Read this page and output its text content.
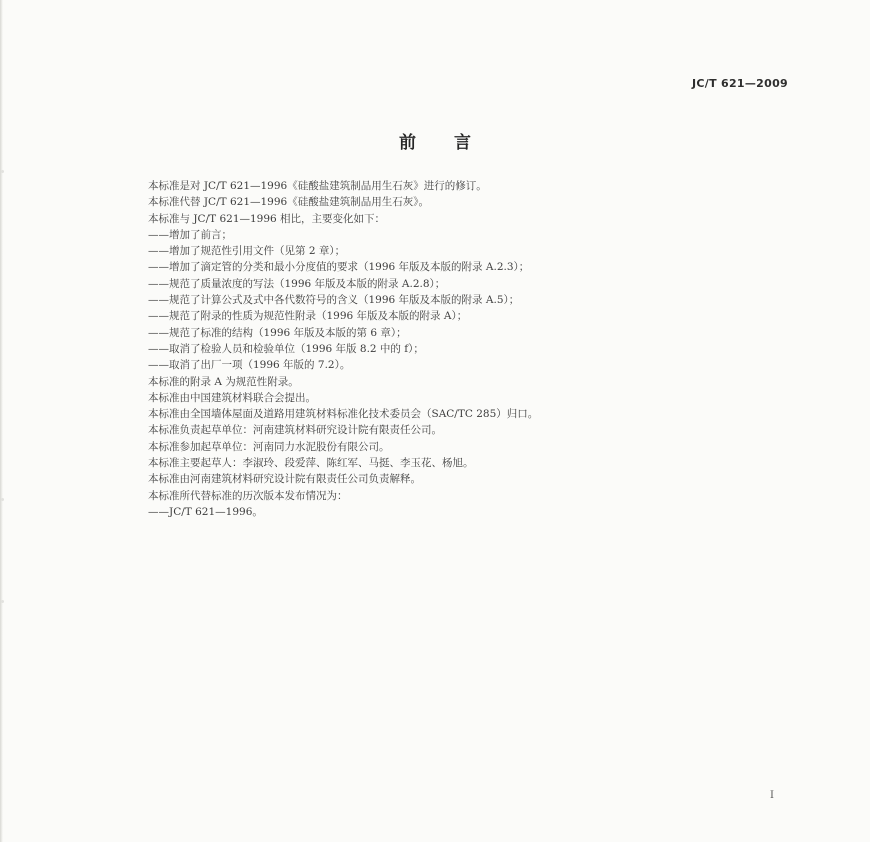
JC/T 621—2009
前言
本标准是对 JC/T 621—1996《硅酸盐建筑制品用生石灰》进行的修订。
本标准代替 JC/T 621—1996《硅酸盐建筑制品用生石灰》。
本标准与 JC/T 621—1996 相比，主要变化如下：
——增加了前言；
——增加了规范性引用文件（见第 2 章）；
——增加了滴定管的分类和最小分度值的要求（1996 年版及本版的附录 A.2.3）；
——规范了质量浓度的写法（1996 年版及本版的附录 A.2.8）；
——规范了计算公式及式中各代数符号的含义（1996 年版及本版的附录 A.5）；
——规范了附录的性质为规范性附录（1996 年版及本版的附录 A）；
——规范了标准的结构（1996 年版及本版的第 6 章）；
——取消了检验人员和检验单位（1996 年版 8.2 中的 f）；
——取消了出厂一项（1996 年版的 7.2）。
本标准的附录 A 为规范性附录。
本标准由中国建筑材料联合会提出。
本标准由全国墙体屋面及道路用建筑材料标准化技术委员会（SAC/TC 285）归口。
本标准负责起草单位：河南建筑材料研究设计院有限责任公司。
本标准参加起草单位：河南同力水泥股份有限公司。
本标准主要起草人：李淑玲、段爱萍、陈红军、马挺、李玉花、杨旭。
本标准由河南建筑材料研究设计院有限责任公司负责解释。
本标准所代替标准的历次版本发布情况为：
——JC/T 621—1996。
I
